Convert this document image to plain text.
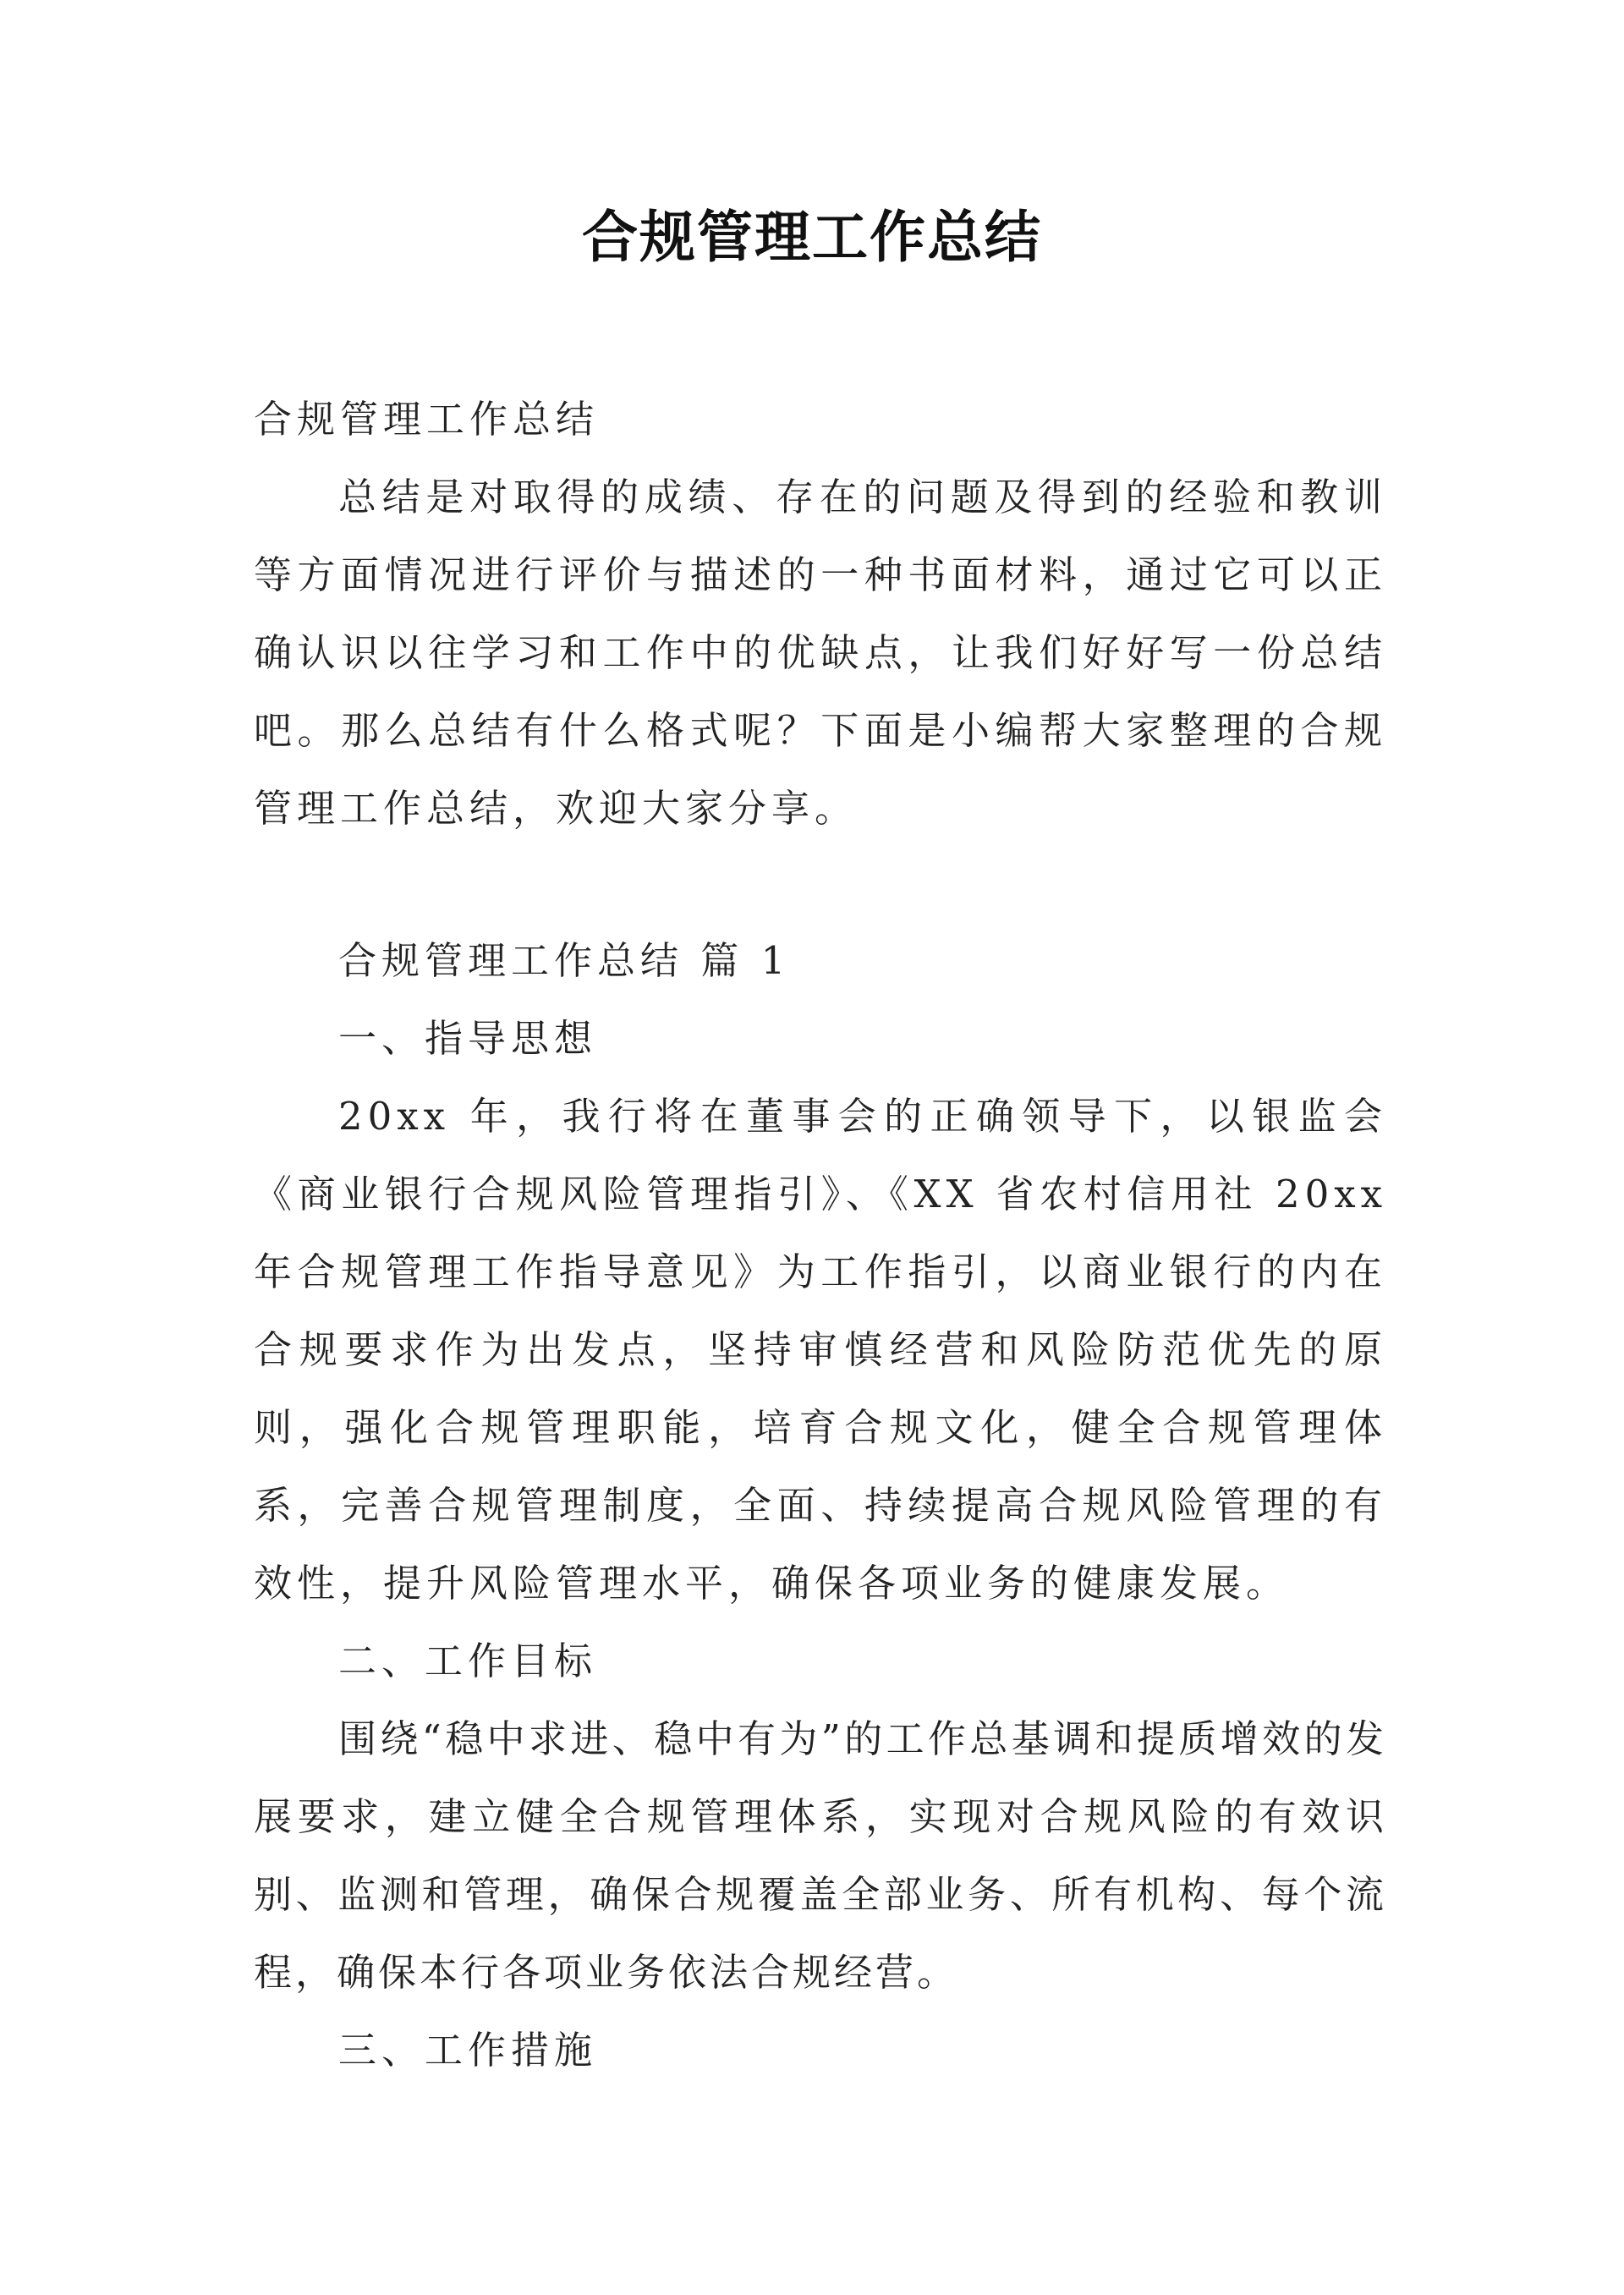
合规管理工作总结

合规管理工作总结

总结是对取得的成绩、存在的问题及得到的经验和教训等方面情况进行评价与描述的一种书面材料，通过它可以正确认识以往学习和工作中的优缺点，让我们好好写一份总结吧。那么总结有什么格式呢？下面是小编帮大家整理的合规管理工作总结，欢迎大家分享。

合规管理工作总结 篇 1

一、指导思想

20xx 年，我行将在董事会的正确领导下，以银监会《商业银行合规风险管理指引》、《XX 省农村信用社 20xx 年合规管理工作指导意见》为工作指引，以商业银行的内在合规要求作为出发点，坚持审慎经营和风险防范优先的原则，强化合规管理职能，培育合规文化，健全合规管理体系，完善合规管理制度，全面、持续提高合规风险管理的有效性，提升风险管理水平，确保各项业务的健康发展。

二、工作目标

围绕“稳中求进、稳中有为”的工作总基调和提质增效的发展要求，建立健全合规管理体系，实现对合规风险的有效识别、监测和管理，确保合规覆盖全部业务、所有机构、每个流程，确保本行各项业务依法合规经营。

三、工作措施
